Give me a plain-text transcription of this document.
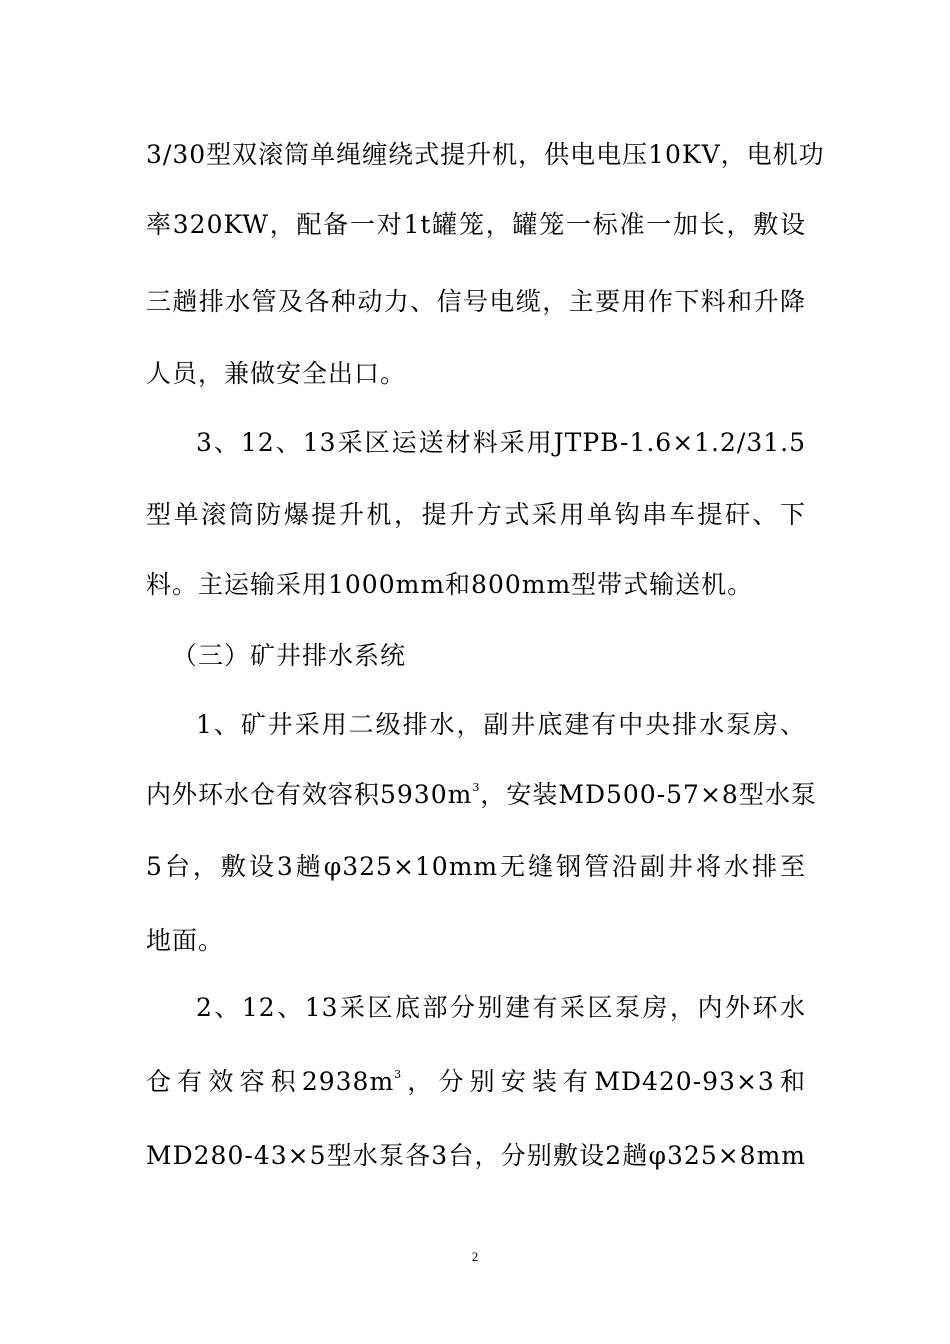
3/30型双滚筒单绳缠绕式提升机，供电电压10KV，电机功
率320KW，配备一对1t罐笼，罐笼一标准一加长，敷设
三趟排水管及各种动力、信号电缆，主要用作下料和升降
人员，兼做安全出口。
3、12、13采区运送材料采用JTPB-1.6×1.2/31.5
型单滚筒防爆提升机，提升方式采用单钩串车提矸、下
料。主运输采用1000mm和800mm型带式输送机。
（三）矿井排水系统
1、矿井采用二级排水，副井底建有中央排水泵房、
内外环水仓有效容积$5930m^3$，安装MD500-57×8型水泵
5台，敷设3趟φ325×10mm无缝钢管沿副井将水排至
地面。
2、12、13采区底部分别建有采区泵房，内外环水
仓有效容积$2938m^3$，分别安装有MD420-93×3和
MD280-43×5型水泵各3台，分别敷设2趟φ325×8mm
2
